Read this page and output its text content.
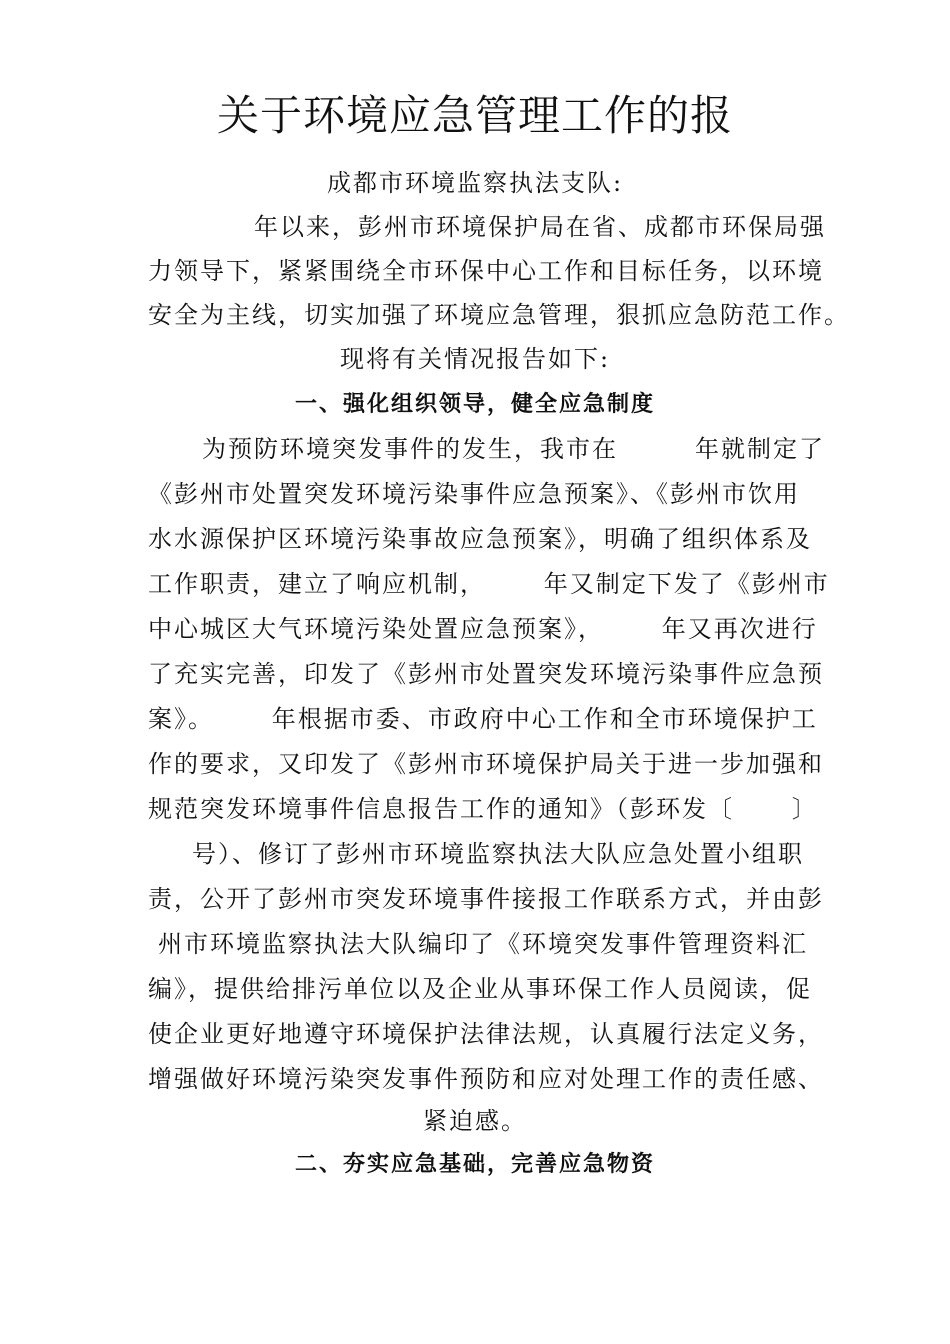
关于环境应急管理工作的报
成都市环境监察执法支队:
年以来，彭州市环境保护局在省、成都市环保局强
力领导下，紧紧围绕全市环保中心工作和目标任务，以环境
安全为主线，切实加强了环境应急管理，狠抓应急防范工作。
现将有关情况报告如下:
一、强化组织领导，健全应急制度
为预防环境突发事件的发生，我市在        年就制定了
《彭州市处置突发环境污染事件应急预案》、《彭州市饮用
水水源保护区环境污染事故应急预案》，明确了组织体系及
工作职责，建立了响应机制，      年又制定下发了《彭州市
中心城区大气环境污染处置应急预案》，      年又再次进行
了充实完善，印发了《彭州市处置突发环境污染事件应急预
案》。      年根据市委、市政府中心工作和全市环境保护工
作的要求，又印发了《彭州市环境保护局关于进一步加强和
规范突发环境事件信息报告工作的通知》（彭环发〔      〕
号）、修订了彭州市环境监察执法大队应急处置小组职
责，公开了彭州市突发环境事件接报工作联系方式，并由彭
州市环境监察执法大队编印了《环境突发事件管理资料汇
编》，提供给排污单位以及企业从事环保工作人员阅读，促
使企业更好地遵守环境保护法律法规，认真履行法定义务，
增强做好环境污染突发事件预防和应对处理工作的责任感、
紧迫感。
二、夯实应急基础，完善应急物资
